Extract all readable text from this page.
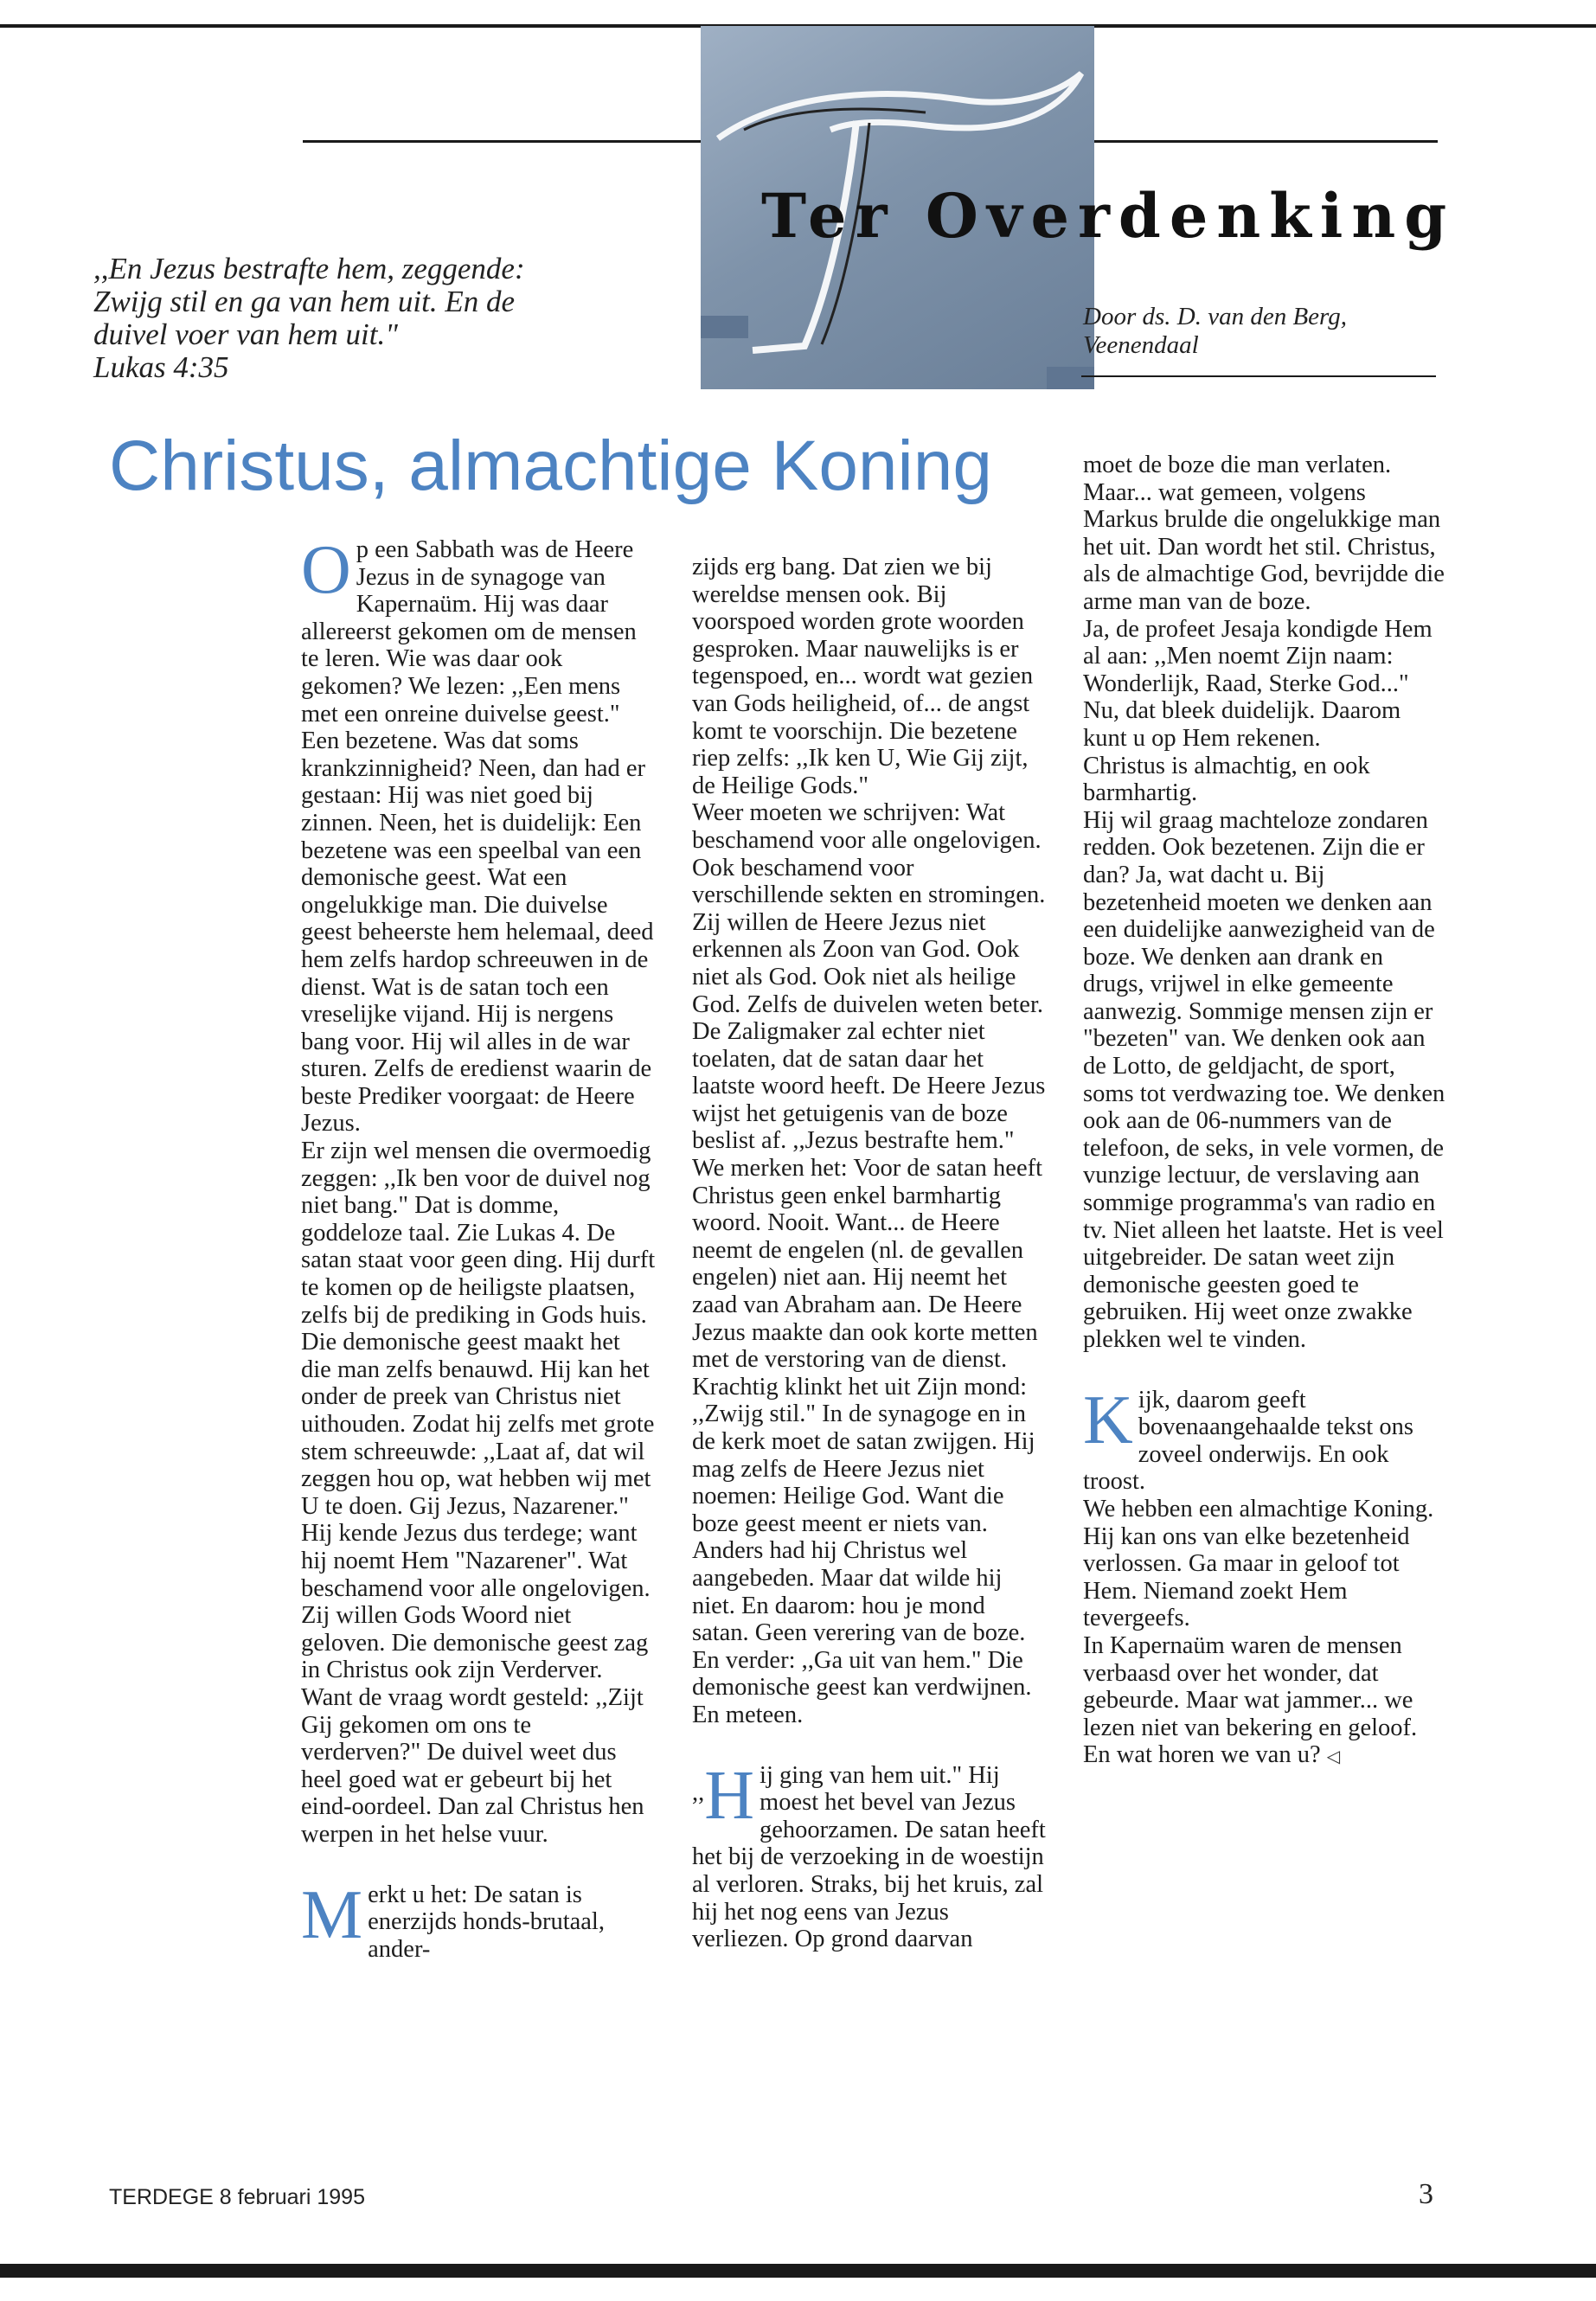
Ter Overdenking
,,En Jezus bestrafte hem, zeggende:
Zwijg stil en ga van hem uit. En de
duivel voer van hem uit."
Lukas 4:35
Door ds. D. van den Berg,
Veenendaal
Christus, almachtige Koning

Op een Sabbath was de Heere Jezus in de synagoge van Kapernaüm. Hij was daar allereerst gekomen om de mensen te leren. Wie was daar ook gekomen? We lezen: ,,Een mens met een onreine duivelse geest." Een bezetene. Was dat soms krankzinnigheid? Neen, dan had er gestaan: Hij was niet goed bij zinnen. Neen, het is duidelijk: Een bezetene was een speelbal van een demonische geest. Wat een ongelukkige man. Die duivelse geest beheerste hem helemaal, deed hem zelfs hardop schreeuwen in de dienst. Wat is de satan toch een vreselijke vijand. Hij is nergens bang voor. Hij wil alles in de war sturen. Zelfs de eredienst waarin de beste Prediker voorgaat: de Heere Jezus.

Er zijn wel mensen die overmoedig zeggen: ,,Ik ben voor de duivel nog niet bang." Dat is domme, goddeloze taal. Zie Lukas 4. De satan staat voor geen ding. Hij durft te komen op de heiligste plaatsen, zelfs bij de prediking in Gods huis. Die demonische geest maakt het die man zelfs benauwd. Hij kan het onder de preek van Christus niet uithouden. Zodat hij zelfs met grote stem schreeuwde: ,,Laat af, dat wil zeggen hou op, wat hebben wij met U te doen. Gij Jezus, Nazarener." Hij kende Jezus dus terdege; want hij noemt Hem "Nazarener". Wat beschamend voor alle ongelovigen. Zij willen Gods Woord niet geloven. Die demonische geest zag in Christus ook zijn Verderver. Want de vraag wordt gesteld: ,,Zijt Gij gekomen om ons te verderven?" De duivel weet dus heel goed wat er gebeurt bij het eind-oordeel. Dan zal Christus hen werpen in het helse vuur.

Merkt u het: De satan is enerzijds honds-brutaal, ander-

zijds erg bang. Dat zien we bij wereldse mensen ook. Bij voorspoed worden grote woorden gesproken. Maar nauwelijks is er tegenspoed, en... wordt wat gezien van Gods heiligheid, of... de angst komt te voorschijn. Die bezetene riep zelfs: ,,Ik ken U, Wie Gij zijt, de Heilige Gods."

Weer moeten we schrijven: Wat beschamend voor alle ongelovigen. Ook beschamend voor verschillende sekten en stromingen. Zij willen de Heere Jezus niet erkennen als Zoon van God. Ook niet als God. Ook niet als heilige God. Zelfs de duivelen weten beter.

De Zaligmaker zal echter niet toelaten, dat de satan daar het laatste woord heeft. De Heere Jezus wijst het getuigenis van de boze beslist af. ,,Jezus bestrafte hem." We merken het: Voor de satan heeft Christus geen enkel barmhartig woord. Nooit. Want... de Heere neemt de engelen (nl. de gevallen engelen) niet aan. Hij neemt het zaad van Abraham aan. De Heere Jezus maakte dan ook korte metten met de verstoring van de dienst. Krachtig klinkt het uit Zijn mond: ,,Zwijg stil." In de synagoge en in de kerk moet de satan zwijgen. Hij mag zelfs de Heere Jezus niet noemen: Heilige God. Want die boze geest meent er niets van. Anders had hij Christus wel aangebeden. Maar dat wilde hij niet. En daarom: hou je mond satan. Geen verering van de boze. En verder: ,,Ga uit van hem." Die demonische geest kan verdwijnen. En meteen.

,, H ij ging van hem uit." Hij moest het bevel van Jezus gehoorzamen. De satan heeft het bij de verzoeking in de woestijn al verloren. Straks, bij het kruis, zal hij het nog eens van Jezus verliezen. Op grond daarvan

moet de boze die man verlaten. Maar... wat gemeen, volgens Markus brulde die ongelukkige man het uit. Dan wordt het stil. Christus, als de almachtige God, bevrijdde die arme man van de boze.

Ja, de profeet Jesaja kondigde Hem al aan: ,,Men noemt Zijn naam: Wonderlijk, Raad, Sterke God..." Nu, dat bleek duidelijk. Daarom kunt u op Hem rekenen.

Christus is almachtig, en ook barmhartig.

Hij wil graag machteloze zondaren redden. Ook bezetenen. Zijn die er dan? Ja, wat dacht u. Bij bezetenheid moeten we denken aan een duidelijke aanwezigheid van de boze. We denken aan drank en drugs, vrijwel in elke gemeente aanwezig. Sommige mensen zijn er "bezeten" van. We denken ook aan de Lotto, de geldjacht, de sport, soms tot verdwazing toe. We denken ook aan de 06-nummers van de telefoon, de seks, in vele vormen, de vunzige lectuur, de verslaving aan sommige programma's van radio en tv. Niet alleen het laatste. Het is veel uitgebreider. De satan weet zijn demonische geesten goed te gebruiken. Hij weet onze zwakke plekken wel te vinden.

Kijk, daarom geeft bovenaangehaalde tekst ons zoveel onderwijs. En ook troost.

We hebben een almachtige Koning. Hij kan ons van elke bezetenheid verlossen. Ga maar in geloof tot Hem. Niemand zoekt Hem tevergeefs.

In Kapernaüm waren de mensen verbaasd over het wonder, dat gebeurde. Maar wat jammer... we lezen niet van bekering en geloof. En wat horen we van u? ◁

TERDEGE 8 februari 1995	3
